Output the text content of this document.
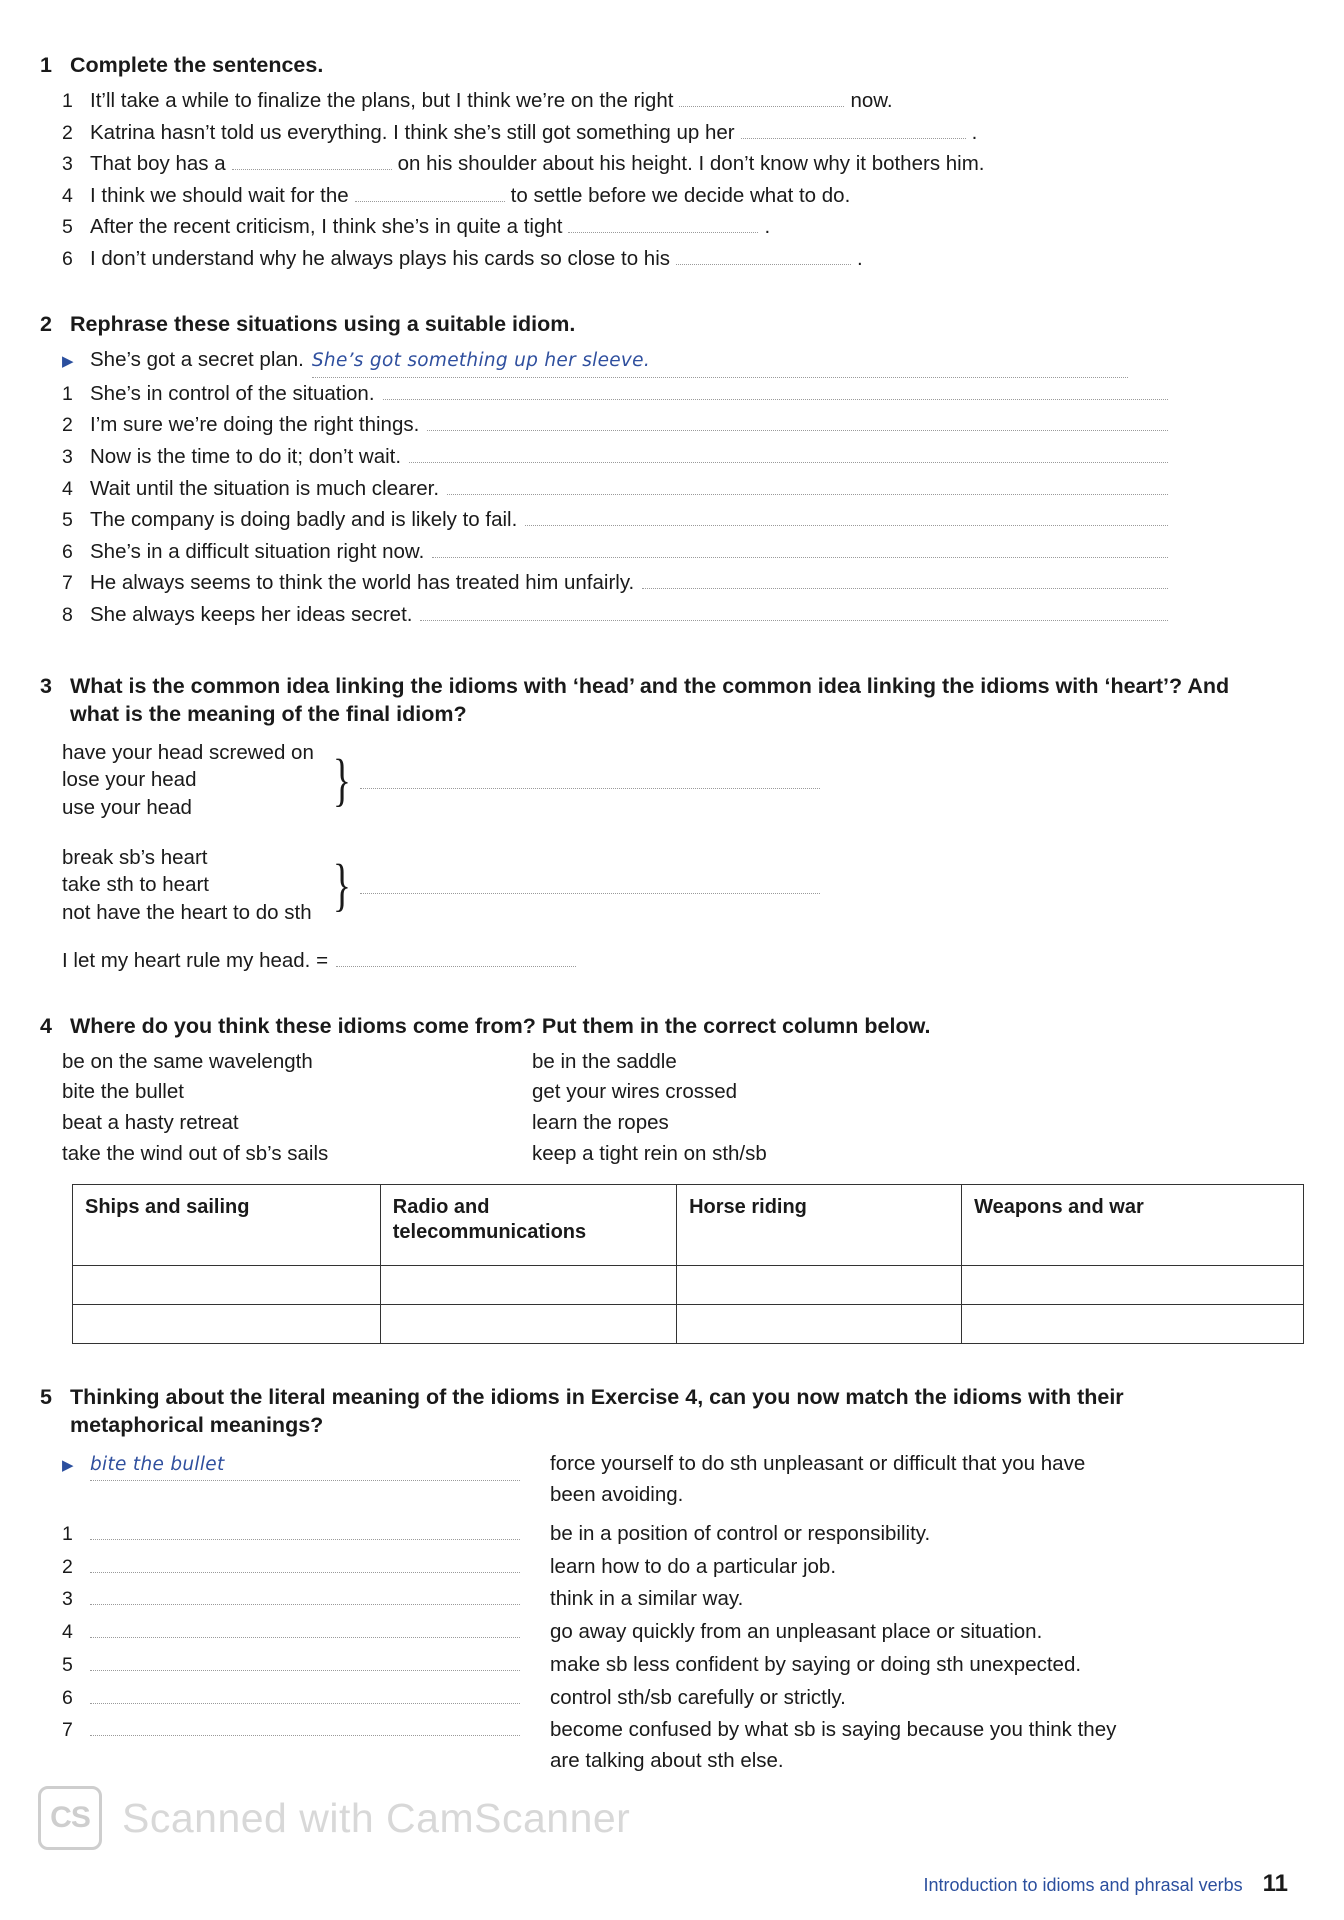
1 Complete the sentences.
1 It’ll take a while to finalize the plans, but I think we’re on the right	now.
2 Katrina hasn’t told us everything. I think she’s still got something up her	.
3 That boy has a	on his shoulder about his height. I don’t know why it bothers him.
4 I think we should wait for the	to settle before we decide what to do.
5 After the recent criticism, I think she’s in quite a tight	.
6 I don’t understand why he always plays his cards so close to his	.
2 Rephrase these situations using a suitable idiom.
▶ She’s got a secret plan. She’s got something up her sleeve.
1 She’s in control of the situation.
2 I’m sure we’re doing the right things.
3 Now is the time to do it; don’t wait.
4 Wait until the situation is much clearer.
5 The company is doing badly and is likely to fail.
6 She’s in a difficult situation right now.
7 He always seems to think the world has treated him unfairly.
8 She always keeps her ideas secret.
3 What is the common idea linking the idioms with ‘head’ and the common idea linking the idioms with ‘heart’? And what is the meaning of the final idiom?
have your head screwed on
lose your head
use your head	}
break sb’s heart
take sth to heart
not have the heart to do sth }
I let my heart rule my head. =
4 Where do you think these idioms come from? Put them in the correct column below.
be on the same wavelength
bite the bullet
beat a hasty retreat
take the wind out of sb’s sails
be in the saddle
get your wires crossed
learn the ropes
keep a tight rein on sth/sb
Ships and sailing	Radio and telecommunications	Horse riding	Weapons and war

5 Thinking about the literal meaning of the idioms in Exercise 4, can you now match the idioms with their metaphorical meanings?
▶ bite the bullet	force yourself to do sth unpleasant or difficult that you have
been avoiding.
1	be in a position of control or responsibility.
2	learn how to do a particular job.
3	think in a similar way.
4	go away quickly from an unpleasant place or situation.
5	make sb less confident by saying or doing sth unexpected.
6	control sth/sb carefully or strictly.
7	become confused by what sb is saying because you think they
are talking about sth else.
CS Scanned with CamScanner
Introduction to idioms and phrasal verbs 11
